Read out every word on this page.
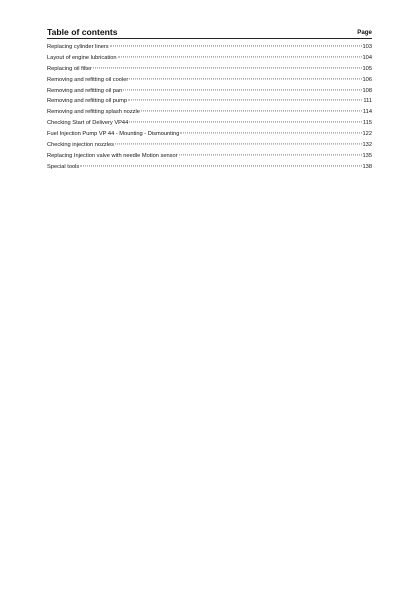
Table of contents	Page
Replacing cylinder liners	103
Layout of engine lubrication	104
Replacing oil filter	105
Removing and refitting oil cooler	106
Removing and refitting oil pan	108
Removing and refitting oil pump	111
Removing and refitting splash nozzle	114
Checking Start of Delivery VP44	115
Fuel Injection Pump VP 44 - Mounting - Dismounting	122
Checking injection nozzles	132
Replacing Injection valve with needle Motion sensor	135
Special tools	138
